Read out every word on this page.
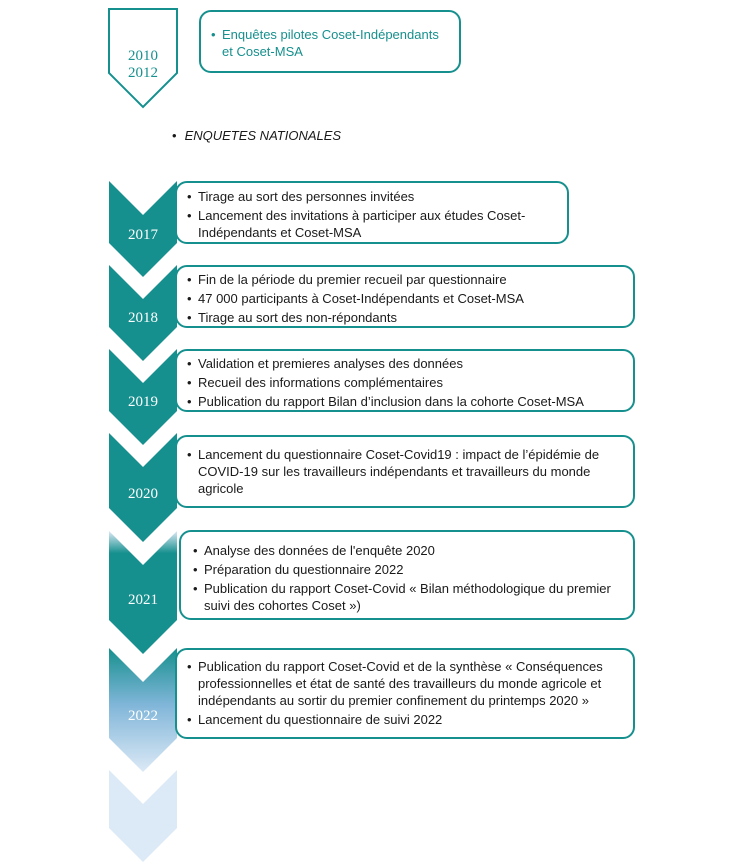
2010
2012
• Enquêtes pilotes Coset-Indépendants et Coset-MSA
• ENQUETES NATIONALES
2017
• Tirage au sort des personnes invitées
• Lancement des invitations à participer aux études Coset-Indépendants et Coset-MSA
2018
• Fin de la période du premier recueil par questionnaire
• 47 000 participants à Coset-Indépendants et Coset-MSA
• Tirage au sort des non-répondants
2019
• Validation et premieres analyses des données
• Recueil des informations complémentaires
• Publication du rapport Bilan d’inclusion dans la cohorte Coset-MSA
2020
• Lancement du questionnaire Coset-Covid19 : impact de l’épidémie de COVID-19 sur les travailleurs indépendants et travailleurs du monde agricole
2021
• Analyse des données de l'enquête 2020
• Préparation du questionnaire 2022
• Publication du rapport Coset-Covid « Bilan méthodologique du premier suivi des cohortes Coset »)
2022
• Publication du rapport Coset-Covid et de la synthèse « Conséquences professionnelles et état de santé des travailleurs du monde agricole et indépendants au sortir du premier confinement du printemps 2020 »
• Lancement du questionnaire de suivi 2022
